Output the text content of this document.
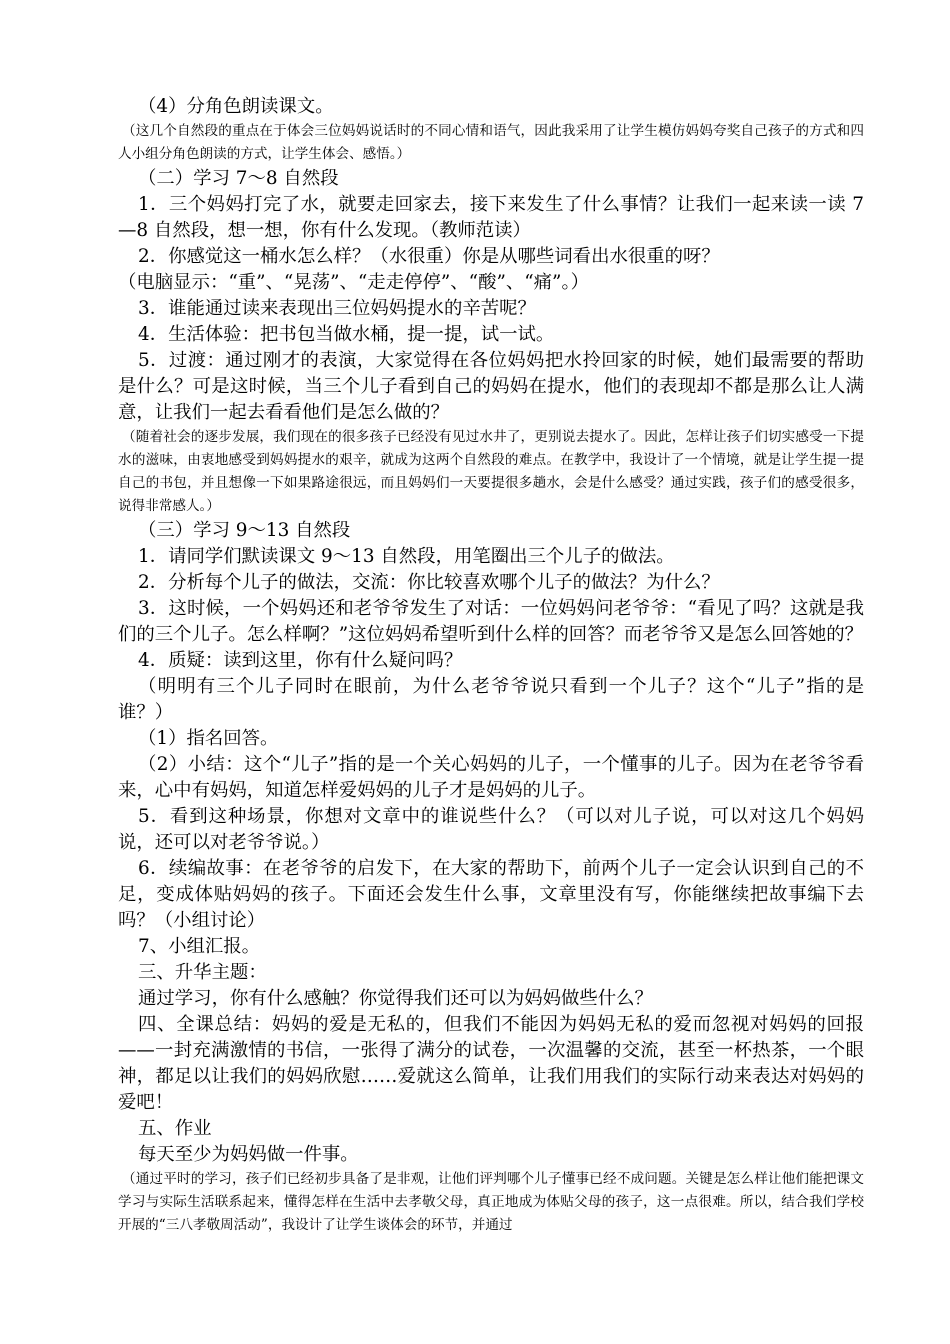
（4）分角色朗读课文。

（这几个自然段的重点在于体会三位妈妈说话时的不同心情和语气，因此我采用了让学生模仿妈妈夸奖自己孩子的方式和四人小组分角色朗读的方式，让学生体会、感悟。）

（二）学习 7～8 自然段

1．三个妈妈打完了水，就要走回家去，接下来发生了什么事情？让我们一起来读一读 7—8 自然段，想一想，你有什么发现。（教师范读）

2．你感觉这一桶水怎么样？（水很重）你是从哪些词看出水很重的呀？

（电脑显示：“重”、“晃荡”、“走走停停”、“酸”、“痛”。）

3．谁能通过读来表现出三位妈妈提水的辛苦呢？

4．生活体验：把书包当做水桶，提一提，试一试。

5．过渡：通过刚才的表演，大家觉得在各位妈妈把水拎回家的时候，她们最需要的帮助是什么？可是这时候，当三个儿子看到自己的妈妈在提水，他们的表现却不都是那么让人满意，让我们一起去看看他们是怎么做的？

（随着社会的逐步发展，我们现在的很多孩子已经没有见过水井了，更别说去提水了。因此，怎样让孩子们切实感受一下提水的滋味，由衷地感受到妈妈提水的艰辛，就成为这两个自然段的难点。在教学中，我设计了一个情境，就是让学生提一提自己的书包，并且想像一下如果路途很远，而且妈妈们一天要提很多趟水，会是什么感受？通过实践，孩子们的感受很多，说得非常感人。）

（三）学习 9～13 自然段

1．请同学们默读课文 9～13 自然段，用笔圈出三个儿子的做法。

2．分析每个儿子的做法，交流：你比较喜欢哪个儿子的做法？为什么？

3．这时候，一个妈妈还和老爷爷发生了对话：一位妈妈问老爷爷：“看见了吗？这就是我们的三个儿子。怎么样啊？”这位妈妈希望听到什么样的回答？而老爷爷又是怎么回答她的？

4．质疑：读到这里，你有什么疑问吗？

（明明有三个儿子同时在眼前，为什么老爷爷说只看到一个儿子？这个“儿子”指的是谁？）

（1）指名回答。

（2）小结：这个“儿子”指的是一个关心妈妈的儿子，一个懂事的儿子。因为在老爷爷看来，心中有妈妈，知道怎样爱妈妈的儿子才是妈妈的儿子。

5．看到这种场景，你想对文章中的谁说些什么？（可以对儿子说，可以对这几个妈妈说，还可以对老爷爷说。）

6．续编故事：在老爷爷的启发下，在大家的帮助下，前两个儿子一定会认识到自己的不足，变成体贴妈妈的孩子。下面还会发生什么事，文章里没有写，你能继续把故事编下去吗？（小组讨论）

7、小组汇报。

三、升华主题：

通过学习，你有什么感触？你觉得我们还可以为妈妈做些什么？

四、全课总结：妈妈的爱是无私的，但我们不能因为妈妈无私的爱而忽视对妈妈的回报——一封充满激情的书信，一张得了满分的试卷，一次温馨的交流，甚至一杯热茶，一个眼神，都足以让我们的妈妈欣慰……爱就这么简单，让我们用我们的实际行动来表达对妈妈的爱吧！

五、作业

每天至少为妈妈做一件事。

（通过平时的学习，孩子们已经初步具备了是非观，让他们评判哪个儿子懂事已经不成问题。关键是怎么样让他们能把课文学习与实际生活联系起来，懂得怎样在生活中去孝敬父母，真正地成为体贴父母的孩子，这一点很难。所以，结合我们学校开展的“三八孝敬周活动”，我设计了让学生谈体会的环节，并通过
